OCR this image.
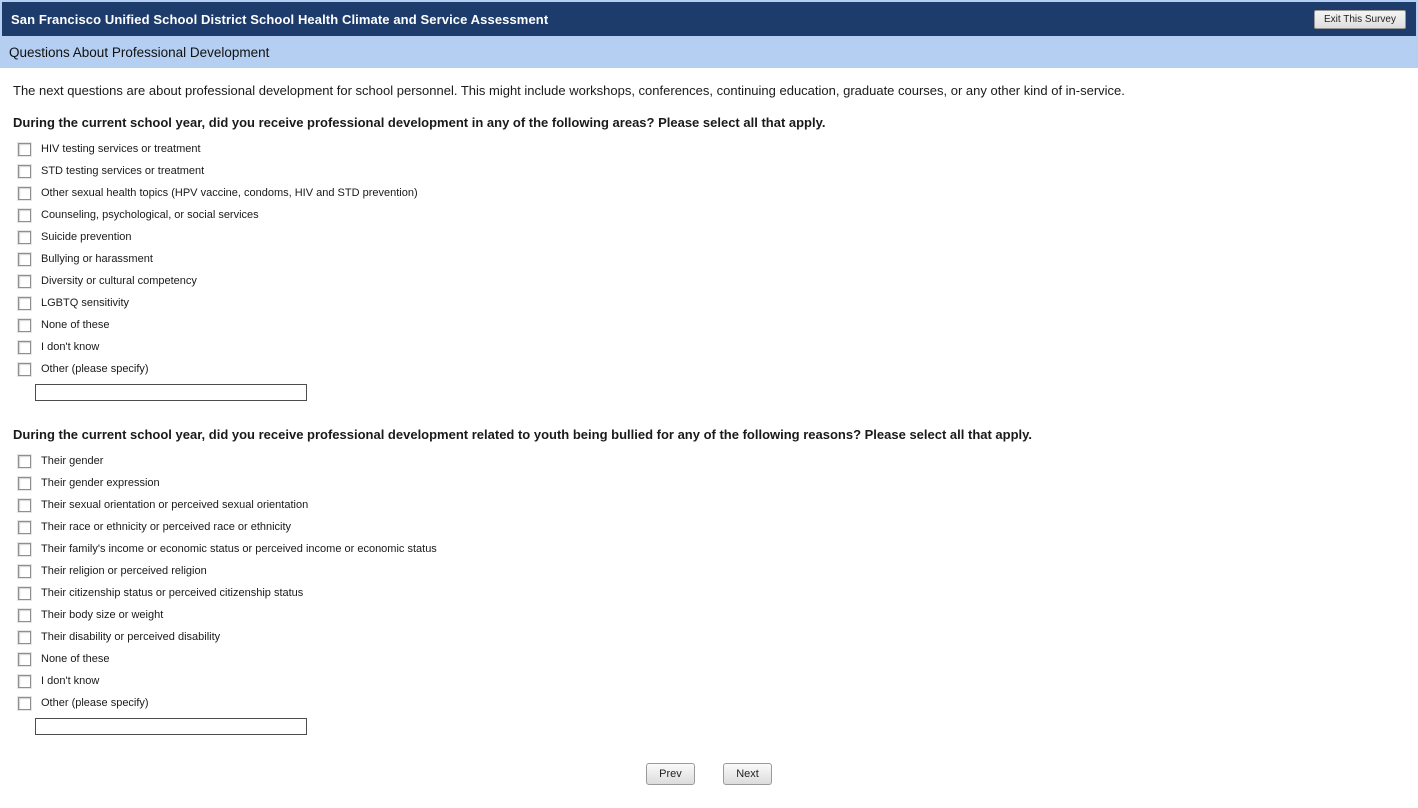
San Francisco Unified School District School Health Climate and Service Assessment	Exit This Survey
Questions About Professional Development

The next questions are about professional development for school personnel. This might include workshops, conferences, continuing education, graduate courses, or any other kind of in-service.

During the current school year, did you receive professional development in any of the following areas? Please select all that apply.
HIV testing services or treatment
STD testing services or treatment
Other sexual health topics (HPV vaccine, condoms, HIV and STD prevention)
Counseling, psychological, or social services
Suicide prevention
Bullying or harassment
Diversity or cultural competency
LGBTQ sensitivity
None of these
I don't know
Other (please specify)
During the current school year, did you receive professional development related to youth being bullied for any of the following reasons? Please select all that apply.
Their gender
Their gender expression
Their sexual orientation or perceived sexual orientation
Their race or ethnicity or perceived race or ethnicity
Their family's income or economic status or perceived income or economic status
Their religion or perceived religion
Their citizenship status or perceived citizenship status
Their body size or weight
Their disability or perceived disability
None of these
I don't know
Other (please specify)
Prev	Next
